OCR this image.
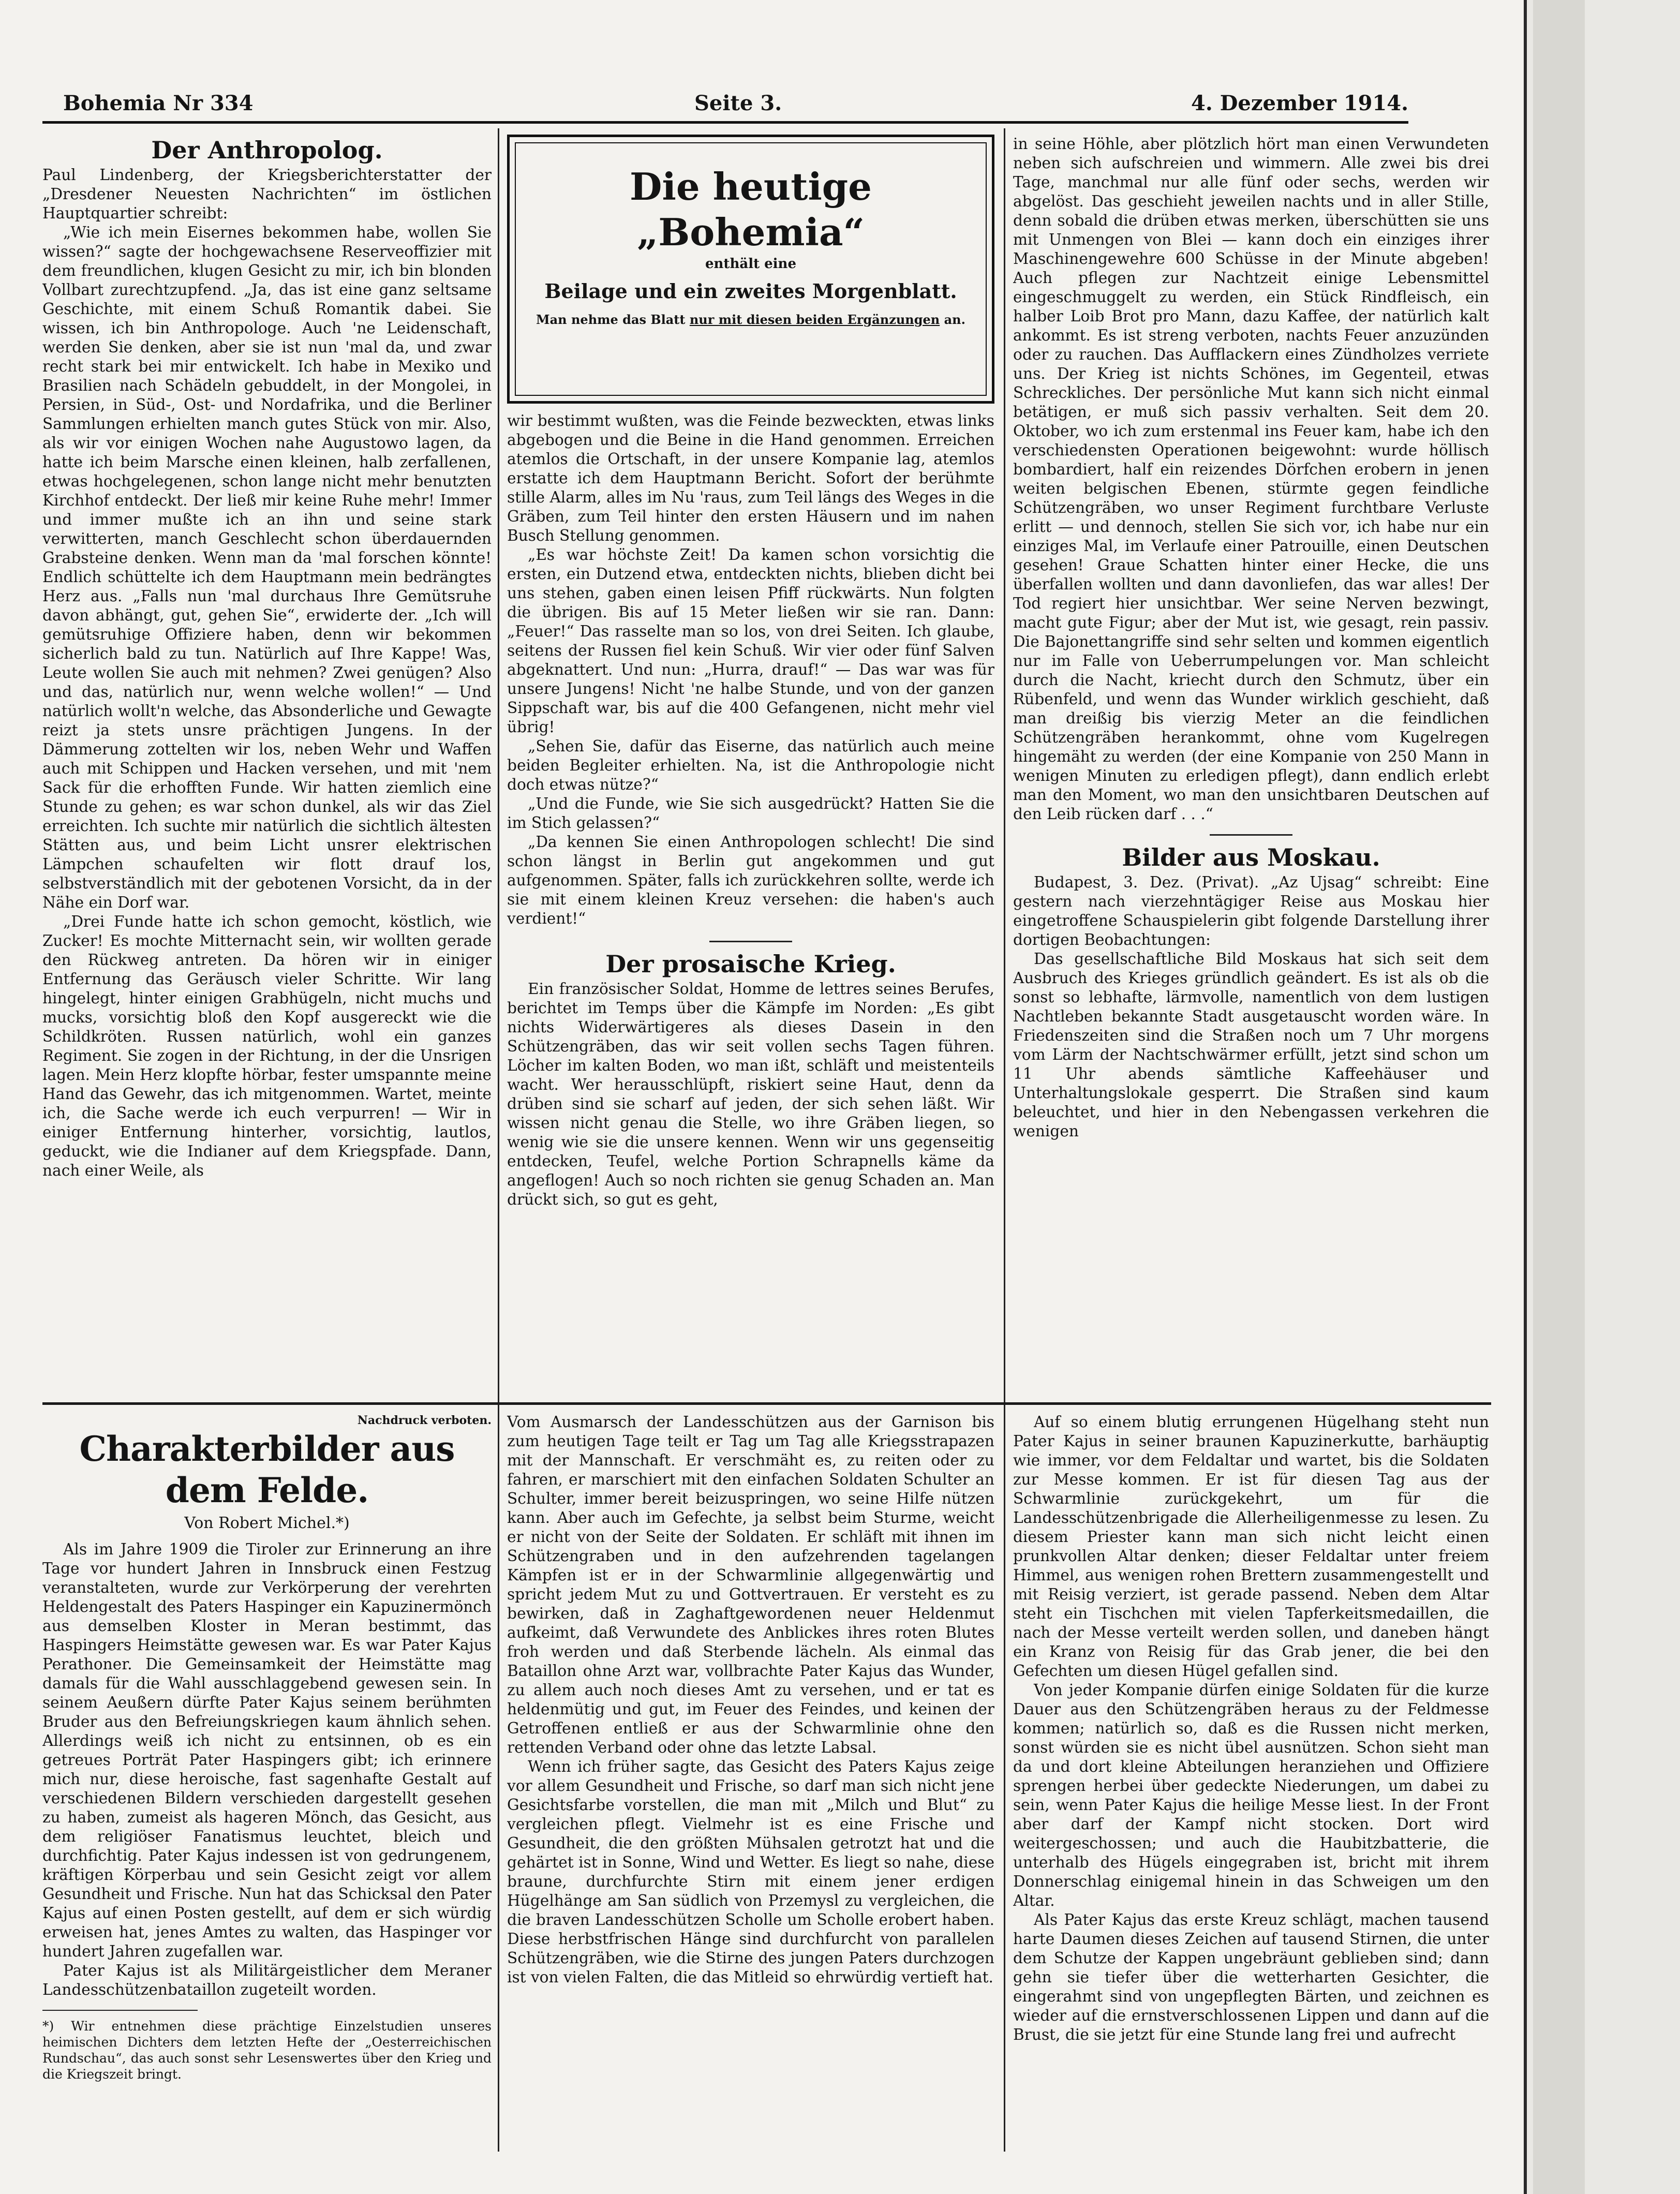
Bohemia Nr 334	Seite 3.	4. Dezember 1914.
Der Anthropolog.

Paul Lindenberg, der Kriegsberichterstatter der „Dresdener Neuesten Nachrichten“ im östlichen Hauptquartier schreibt:

„Wie ich mein Eisernes bekommen habe, wollen Sie wissen?“ sagte der hochgewachsene Reserveoffizier mit dem freundlichen, klugen Gesicht zu mir, ich bin blonden Vollbart zurechtzupfend. „Ja, das ist eine ganz seltsame Geschichte, mit einem Schuß Romantik dabei. Sie wissen, ich bin Anthropologe. Auch 'ne Leidenschaft, werden Sie denken, aber sie ist nun 'mal da, und zwar recht stark bei mir entwickelt. Ich habe in Mexiko und Brasilien nach Schädeln gebuddelt, in der Mongolei, in Persien, in Süd-, Ost- und Nordafrika, und die Berliner Sammlungen erhielten manch gutes Stück von mir. Also, als wir vor einigen Wochen nahe Augustowo lagen, da hatte ich beim Marsche einen kleinen, halb zerfallenen, etwas hochgelegenen, schon lange nicht mehr benutzten Kirchhof entdeckt. Der ließ mir keine Ruhe mehr! Immer und immer mußte ich an ihn und seine stark verwitterten, manch Geschlecht schon überdauernden Grabsteine denken. Wenn man da 'mal forschen könnte! Endlich schüttelte ich dem Hauptmann mein bedrängtes Herz aus. „Falls nun 'mal durchaus Ihre Gemütsruhe davon abhängt, gut, gehen Sie“, erwiderte der. „Ich will gemütsruhige Offiziere haben, denn wir bekommen sicherlich bald zu tun. Natürlich auf Ihre Kappe! Was, Leute wollen Sie auch mit nehmen? Zwei genügen? Also und das, natürlich nur, wenn welche wollen!“ — Und natürlich wollt'n welche, das Absonderliche und Gewagte reizt ja stets unsre prächtigen Jungens. In der Dämmerung zottelten wir los, neben Wehr und Waffen auch mit Schippen und Hacken versehen, und mit 'nem Sack für die erhofften Funde. Wir hatten ziemlich eine Stunde zu gehen; es war schon dunkel, als wir das Ziel erreichten. Ich suchte mir natürlich die sichtlich ältesten Stätten aus, und beim Licht unsrer elektrischen Lämpchen schaufelten wir flott drauf los, selbstverständlich mit der gebotenen Vorsicht, da in der Nähe ein Dorf war.

„Drei Funde hatte ich schon gemocht, köstlich, wie Zucker! Es mochte Mitternacht sein, wir wollten gerade den Rückweg antreten. Da hören wir in einiger Entfernung das Geräusch vieler Schritte. Wir lang hingelegt, hinter einigen Grabhügeln, nicht muchs und mucks, vorsichtig bloß den Kopf ausgereckt wie die Schildkröten. Russen natürlich, wohl ein ganzes Regiment. Sie zogen in der Richtung, in der die Unsrigen lagen. Mein Herz klopfte hörbar, fester umspannte meine Hand das Gewehr, das ich mitgenommen. Wartet, meinte ich, die Sache werde ich euch verpurren! — Wir in einiger Entfernung hinterher, vorsichtig, lautlos, geduckt, wie die Indianer auf dem Kriegspfade. Dann, nach einer Weile, als

Die heutige „Bohemia“
enthält eine
Beilage und ein zweites Morgenblatt.
Man nehme das Blatt nur mit diesen beiden Ergänzungen an.

wir bestimmt wußten, was die Feinde bezweckten, etwas links abgebogen und die Beine in die Hand genommen. Erreichen atemlos die Ortschaft, in der unsere Kompanie lag, atemlos erstatte ich dem Hauptmann Bericht. Sofort der berühmte stille Alarm, alles im Nu 'raus, zum Teil längs des Weges in die Gräben, zum Teil hinter den ersten Häusern und im nahen Busch Stellung genommen.

„Es war höchste Zeit! Da kamen schon vorsichtig die ersten, ein Dutzend etwa, entdeckten nichts, blieben dicht bei uns stehen, gaben einen leisen Pfiff rückwärts. Nun folgten die übrigen. Bis auf 15 Meter ließen wir sie ran. Dann: „Feuer!“ Das rasselte man so los, von drei Seiten. Ich glaube, seitens der Russen fiel kein Schuß. Wir vier oder fünf Salven abgeknattert. Und nun: „Hurra, drauf!“ — Das war was für unsere Jungens! Nicht 'ne halbe Stunde, und von der ganzen Sippschaft war, bis auf die 400 Gefangenen, nicht mehr viel übrig!

„Sehen Sie, dafür das Eiserne, das natürlich auch meine beiden Begleiter erhielten. Na, ist die Anthropologie nicht doch etwas nütze?“

„Und die Funde, wie Sie sich ausgedrückt? Hatten Sie die im Stich gelassen?“

„Da kennen Sie einen Anthropologen schlecht! Die sind schon längst in Berlin gut angekommen und gut aufgenommen. Später, falls ich zurückkehren sollte, werde ich sie mit einem kleinen Kreuz versehen: die haben's auch verdient!“

Der prosaische Krieg.

Ein französischer Soldat, Homme de lettres seines Berufes, berichtet im Temps über die Kämpfe im Norden: „Es gibt nichts Widerwärtigeres als dieses Dasein in den Schützengräben, das wir seit vollen sechs Tagen führen. Löcher im kalten Boden, wo man ißt, schläft und meistenteils wacht. Wer herausschlüpft, riskiert seine Haut, denn da drüben sind sie scharf auf jeden, der sich sehen läßt. Wir wissen nicht genau die Stelle, wo ihre Gräben liegen, so wenig wie sie die unsere kennen. Wenn wir uns gegenseitig entdecken, Teufel, welche Portion Schrapnells käme da angeflogen! Auch so noch richten sie genug Schaden an. Man drückt sich, so gut es geht,

in seine Höhle, aber plötzlich hört man einen Verwundeten neben sich aufschreien und wimmern. Alle zwei bis drei Tage, manchmal nur alle fünf oder sechs, werden wir abgelöst. Das geschieht jeweilen nachts und in aller Stille, denn sobald die drüben etwas merken, überschütten sie uns mit Unmengen von Blei — kann doch ein einziges ihrer Maschinengewehre 600 Schüsse in der Minute abgeben! Auch pflegen zur Nachtzeit einige Lebensmittel eingeschmuggelt zu werden, ein Stück Rindfleisch, ein halber Loib Brot pro Mann, dazu Kaffee, der natürlich kalt ankommt. Es ist streng verboten, nachts Feuer anzuzünden oder zu rauchen. Das Aufflackern eines Zündholzes verriete uns. Der Krieg ist nichts Schönes, im Gegenteil, etwas Schreckliches. Der persönliche Mut kann sich nicht einmal betätigen, er muß sich passiv verhalten. Seit dem 20. Oktober, wo ich zum erstenmal ins Feuer kam, habe ich den verschiedensten Operationen beigewohnt: wurde höllisch bombardiert, half ein reizendes Dörfchen erobern in jenen weiten belgischen Ebenen, stürmte gegen feindliche Schützengräben, wo unser Regiment furchtbare Verluste erlitt — und dennoch, stellen Sie sich vor, ich habe nur ein einziges Mal, im Verlaufe einer Patrouille, einen Deutschen gesehen! Graue Schatten hinter einer Hecke, die uns überfallen wollten und dann davonliefen, das war alles! Der Tod regiert hier unsichtbar. Wer seine Nerven bezwingt, macht gute Figur; aber der Mut ist, wie gesagt, rein passiv. Die Bajonettangriffe sind sehr selten und kommen eigentlich nur im Falle von Ueberrumpelungen vor. Man schleicht durch die Nacht, kriecht durch den Schmutz, über ein Rübenfeld, und wenn das Wunder wirklich geschieht, daß man dreißig bis vierzig Meter an die feindlichen Schützengräben herankommt, ohne vom Kugelregen hingemäht zu werden (der eine Kompanie von 250 Mann in wenigen Minuten zu erledigen pflegt), dann endlich erlebt man den Moment, wo man den unsichtbaren Deutschen auf den Leib rücken darf . . .“

Bilder aus Moskau.

Budapest, 3. Dez. (Privat). „Az Ujsag“ schreibt: Eine gestern nach vierzehntägiger Reise aus Moskau hier eingetroffene Schauspielerin gibt folgende Darstellung ihrer dortigen Beobachtungen:

Das gesellschaftliche Bild Moskaus hat sich seit dem Ausbruch des Krieges gründlich geändert. Es ist als ob die sonst so lebhafte, lärmvolle, namentlich von dem lustigen Nachtleben bekannte Stadt ausgetauscht worden wäre. In Friedenszeiten sind die Straßen noch um 7 Uhr morgens vom Lärm der Nachtschwärmer erfüllt, jetzt sind schon um 11 Uhr abends sämtliche Kaffeehäuser und Unterhaltungslokale gesperrt. Die Straßen sind kaum beleuchtet, und hier in den Nebengassen verkehren die wenigen

Nachdruck verboten.
Charakterbilder aus dem Felde.
Von Robert Michel.*)

Als im Jahre 1909 die Tiroler zur Erinnerung an ihre Tage vor hundert Jahren in Innsbruck einen Festzug veranstalteten, wurde zur Verkörperung der verehrten Heldengestalt des Paters Haspinger ein Kapuzinermönch aus demselben Kloster in Meran bestimmt, das Haspingers Heimstätte gewesen war. Es war Pater Kajus Perathoner. Die Gemeinsamkeit der Heimstätte mag damals für die Wahl ausschlaggebend gewesen sein. In seinem Aeußern dürfte Pater Kajus seinem berühmten Bruder aus den Befreiungskriegen kaum ähnlich sehen. Allerdings weiß ich nicht zu entsinnen, ob es ein getreues Porträt Pater Haspingers gibt; ich erinnere mich nur, diese heroische, fast sagenhafte Gestalt auf verschiedenen Bildern verschieden dargestellt gesehen zu haben, zumeist als hageren Mönch, das Gesicht, aus dem religiöser Fanatismus leuchtet, bleich und durchfichtig. Pater Kajus indessen ist von gedrungenem, kräftigen Körperbau und sein Gesicht zeigt vor allem Gesundheit und Frische. Nun hat das Schicksal den Pater Kajus auf einen Posten gestellt, auf dem er sich würdig erweisen hat, jenes Amtes zu walten, das Haspinger vor hundert Jahren zugefallen war.

Pater Kajus ist als Militärgeistlicher dem Meraner Landesschützenbataillon zugeteilt worden.

*) Wir entnehmen diese prächtige Einzelstudien unseres heimischen Dichters dem letzten Hefte der „Oesterreichischen Rundschau“, das auch sonst sehr Lesenswertes über den Krieg und die Kriegszeit bringt.

Vom Ausmarsch der Landesschützen aus der Garnison bis zum heutigen Tage teilt er Tag um Tag alle Kriegsstrapazen mit der Mannschaft. Er verschmäht es, zu reiten oder zu fahren, er marschiert mit den einfachen Soldaten Schulter an Schulter, immer bereit beizuspringen, wo seine Hilfe nützen kann. Aber auch im Gefechte, ja selbst beim Sturme, weicht er nicht von der Seite der Soldaten. Er schläft mit ihnen im Schützengraben und in den aufzehrenden tagelangen Kämpfen ist er in der Schwarmlinie allgegenwärtig und spricht jedem Mut zu und Gottvertrauen. Er versteht es zu bewirken, daß in Zaghaftgewordenen neuer Heldenmut aufkeimt, daß Verwundete des Anblickes ihres roten Blutes froh werden und daß Sterbende lächeln. Als einmal das Bataillon ohne Arzt war, vollbrachte Pater Kajus das Wunder, zu allem auch noch dieses Amt zu versehen, und er tat es heldenmütig und gut, im Feuer des Feindes, und keinen der Getroffenen entließ er aus der Schwarmlinie ohne den rettenden Verband oder ohne das letzte Labsal.

Wenn ich früher sagte, das Gesicht des Paters Kajus zeige vor allem Gesundheit und Frische, so darf man sich nicht jene Gesichtsfarbe vorstellen, die man mit „Milch und Blut“ zu vergleichen pflegt. Vielmehr ist es eine Frische und Gesundheit, die den größten Mühsalen getrotzt hat und die gehärtet ist in Sonne, Wind und Wetter. Es liegt so nahe, diese braune, durchfurchte Stirn mit einem jener erdigen Hügelhänge am San südlich von Przemysl zu vergleichen, die die braven Landesschützen Scholle um Scholle erobert haben. Diese herbstfrischen Hänge sind durchfurcht von parallelen Schützengräben, wie die Stirne des jungen Paters durchzogen ist von vielen Falten, die das Mitleid so ehrwürdig vertieft hat.

Auf so einem blutig errungenen Hügelhang steht nun Pater Kajus in seiner braunen Kapuzinerkutte, barhäuptig wie immer, vor dem Feldaltar und wartet, bis die Soldaten zur Messe kommen. Er ist für diesen Tag aus der Schwarmlinie zurückgekehrt, um für die Landesschützenbrigade die Allerheiligenmesse zu lesen. Zu diesem Priester kann man sich nicht leicht einen prunkvollen Altar denken; dieser Feldaltar unter freiem Himmel, aus wenigen rohen Brettern zusammengestellt und mit Reisig verziert, ist gerade passend. Neben dem Altar steht ein Tischchen mit vielen Tapferkeitsmedaillen, die nach der Messe verteilt werden sollen, und daneben hängt ein Kranz von Reisig für das Grab jener, die bei den Gefechten um diesen Hügel gefallen sind.

Von jeder Kompanie dürfen einige Soldaten für die kurze Dauer aus den Schützengräben heraus zu der Feldmesse kommen; natürlich so, daß es die Russen nicht merken, sonst würden sie es nicht übel ausnützen. Schon sieht man da und dort kleine Abteilungen heranziehen und Offiziere sprengen herbei über gedeckte Niederungen, um dabei zu sein, wenn Pater Kajus die heilige Messe liest. In der Front aber darf der Kampf nicht stocken. Dort wird weitergeschossen; und auch die Haubitzbatterie, die unterhalb des Hügels eingegraben ist, bricht mit ihrem Donnerschlag einigemal hinein in das Schweigen um den Altar.

Als Pater Kajus das erste Kreuz schlägt, machen tausend harte Daumen dieses Zeichen auf tausend Stirnen, die unter dem Schutze der Kappen ungebräunt geblieben sind; dann gehn sie tiefer über die wetterharten Gesichter, die eingerahmt sind von ungepflegten Bärten, und zeichnen es wieder auf die ernstverschlossenen Lippen und dann auf die Brust, die sie jetzt für eine Stunde lang frei und aufrecht
